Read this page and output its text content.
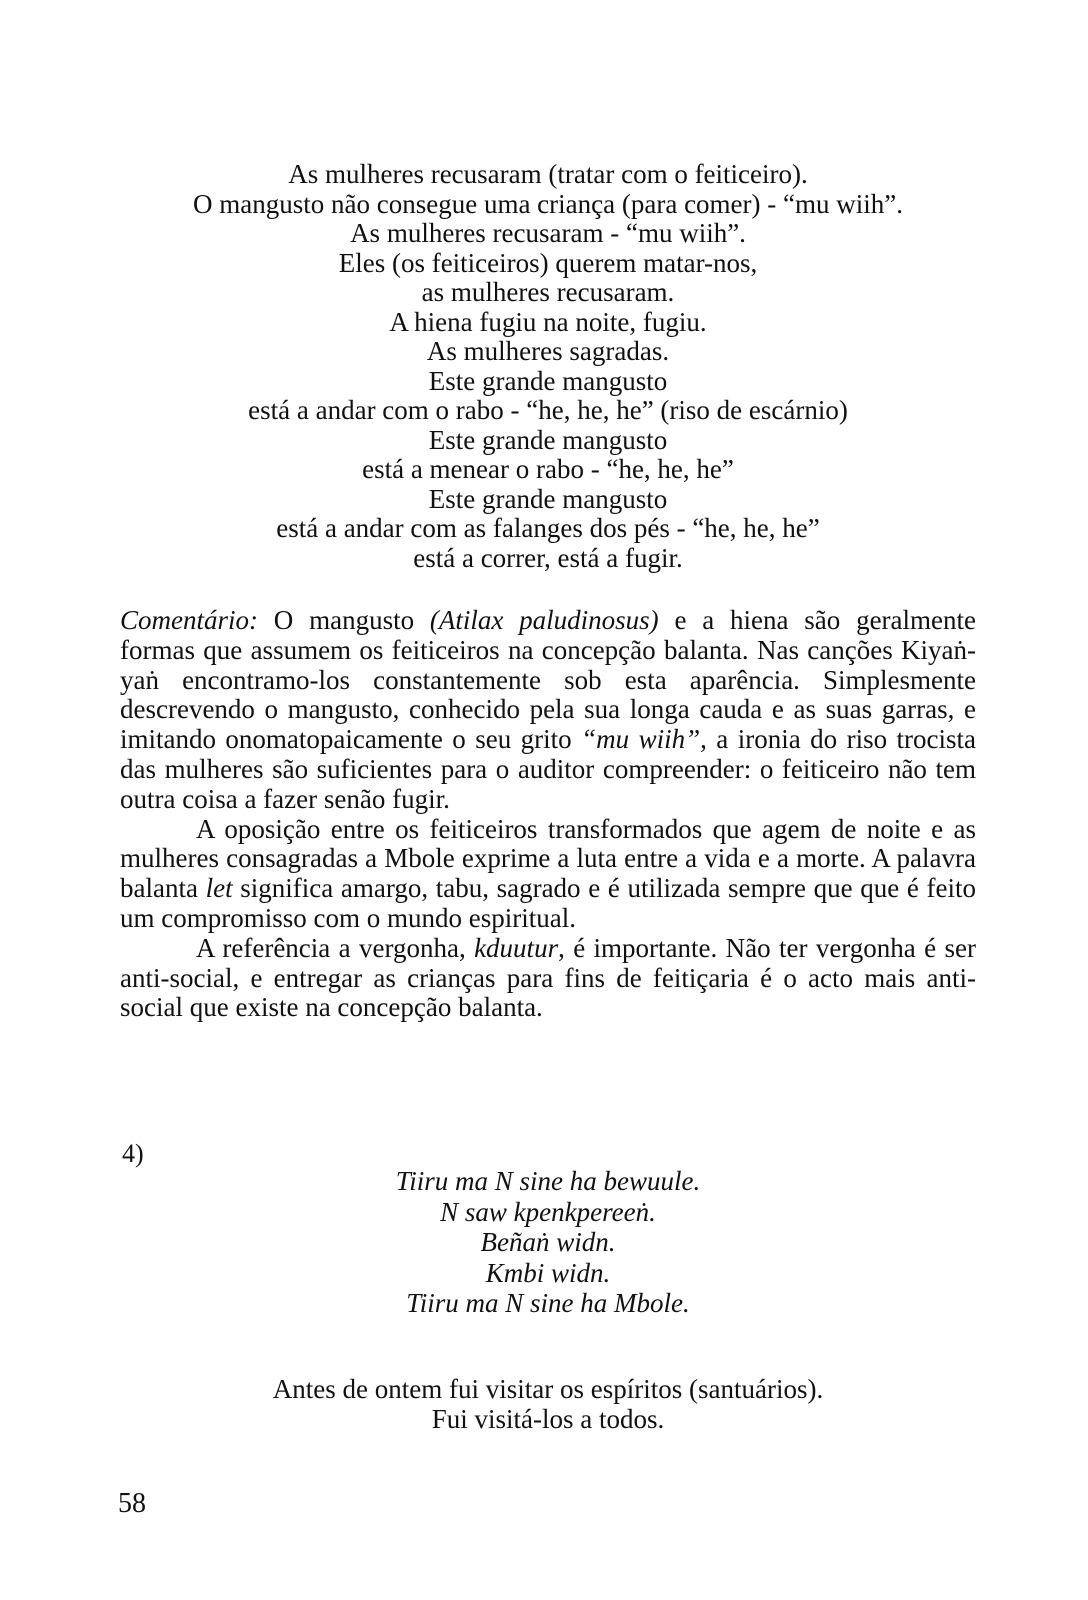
As mulheres recusaram (tratar com o feiticeiro).
O mangusto não consegue uma criança (para comer) - “mu wiih”.
As mulheres recusaram - “mu wiih”.
Eles (os feiticeiros) querem matar-nos,
as mulheres recusaram.
A hiena fugiu na noite, fugiu.
As mulheres sagradas.
Este grande mangusto
está a andar com o rabo - “he, he, he” (riso de escárnio)
Este grande mangusto
está a menear o rabo - “he, he, he”
Este grande mangusto
está a andar com as falanges dos pés - “he, he, he”
está a correr, está a fugir.

Comentário: O mangusto (Atilax paludinosus) e a hiena são geralmente formas que assumem os feiticeiros na concepção balanta. Nas canções Kiyaṅ-yaṅ encontramo-los constantemente sob esta aparência. Simplesmente descrevendo o mangusto, conhecido pela sua longa cauda e as suas garras, e imitando onomatopaicamente o seu grito “mu wiih”, a ironia do riso trocista das mulheres são suficientes para o auditor compreender: o feiticeiro não tem outra coisa a fazer senão fugir.

A oposição entre os feiticeiros transformados que agem de noite e as mulheres consagradas a Mbole exprime a luta entre a vida e a morte. A palavra balanta let significa amargo, tabu, sagrado e é utilizada sempre que que é feito um compromisso com o mundo espiritual.

A referência a vergonha, kduutur, é importante. Não ter vergonha é ser anti-social, e entregar as crianças para fins de feitiçaria é o acto mais anti-social que existe na concepção balanta.

4)
Tiiru ma N sine ha bewuule.
N saw kpenkpereeṅ.
Beñaṅ widn.
Kmbi widn.
Tiiru ma N sine ha Mbole.
Antes de ontem fui visitar os espíritos (santuários).
Fui visitá-los a todos.
58
